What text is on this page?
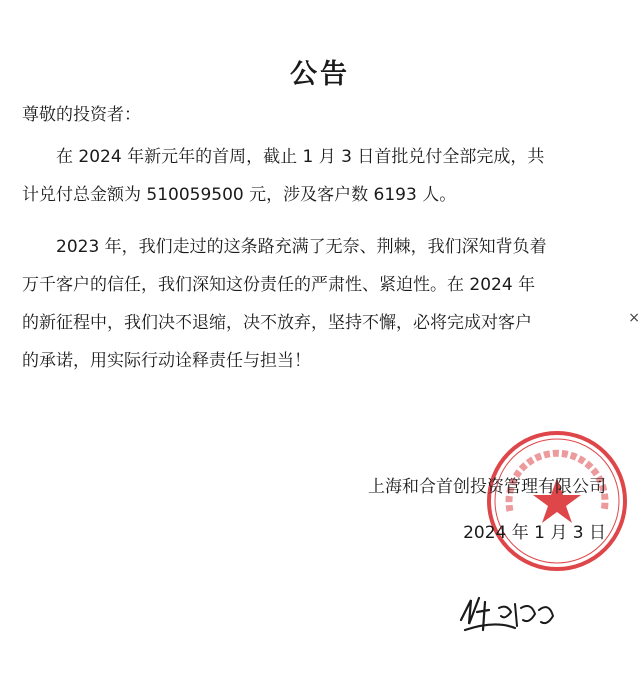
公告
尊敬的投资者：
在 2024 年新元年的首周，截止 1 月 3 日首批兑付全部完成，共
计兑付总金额为 510059500 元，涉及客户数 6193 人。
2023 年，我们走过的这条路充满了无奈、荆棘，我们深知背负着
万千客户的信任，我们深知这份责任的严肃性、紧迫性。在 2024 年
的新征程中，我们决不退缩，决不放弃，坚持不懈，必将完成对客户
的承诺，用实际行动诠释责任与担当！
上海和合首创投资管理有限公司
2024 年 1 月 3 日
×
